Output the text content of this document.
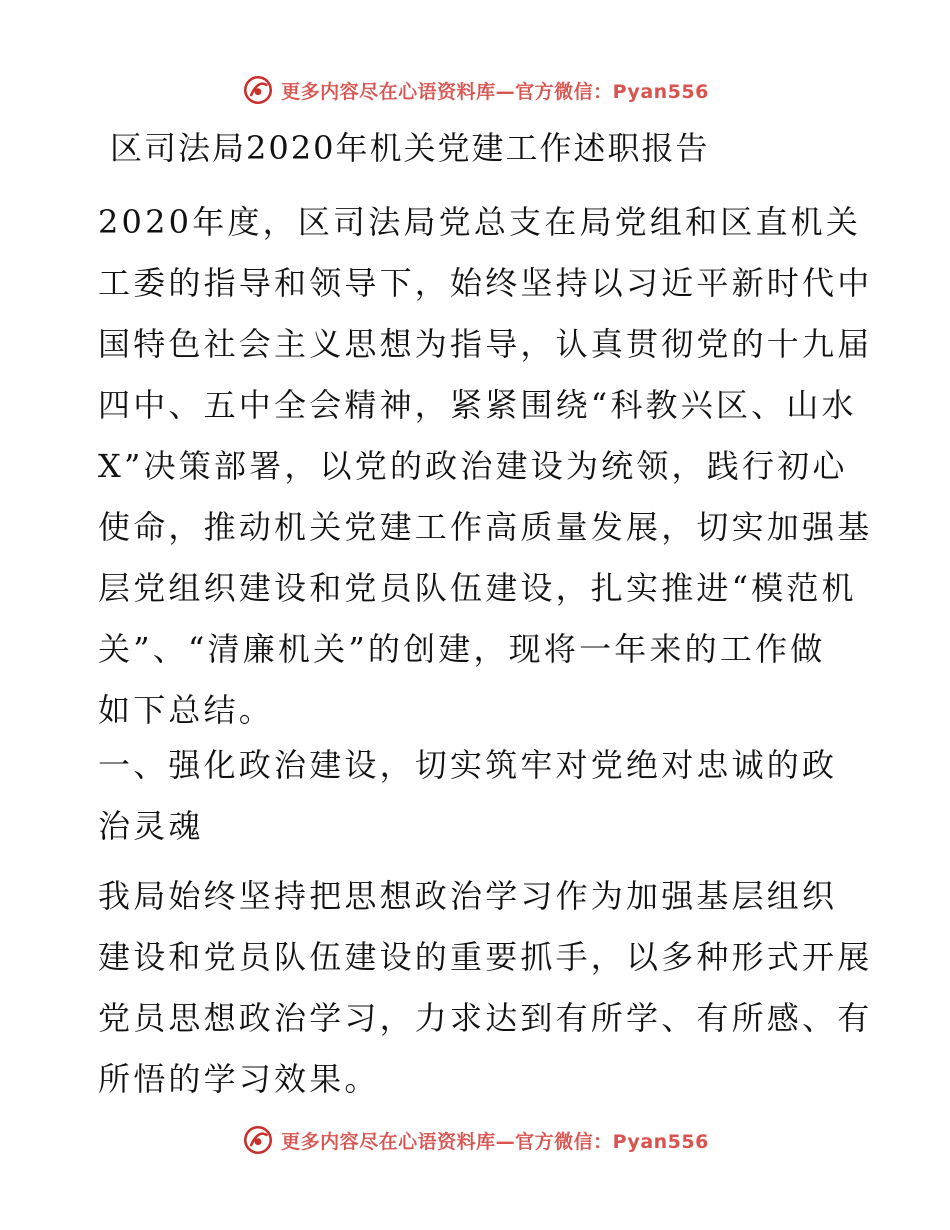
更多内容尽在心语资料库—官方微信：Pyan556
区司法局2020年机关党建工作述职报告
2020年度，区司法局党总支在局党组和区直机关
工委的指导和领导下，始终坚持以习近平新时代中
国特色社会主义思想为指导，认真贯彻党的十九届
四中、五中全会精神，紧紧围绕“科教兴区、山水
X”决策部署，以党的政治建设为统领，践行初心
使命，推动机关党建工作高质量发展，切实加强基
层党组织建设和党员队伍建设，扎实推进“模范机
关”、“清廉机关”的创建，现将一年来的工作做
如下总结。
一、强化政治建设，切实筑牢对党绝对忠诚的政
治灵魂
我局始终坚持把思想政治学习作为加强基层组织
建设和党员队伍建设的重要抓手，以多种形式开展
党员思想政治学习，力求达到有所学、有所感、有
所悟的学习效果。
更多内容尽在心语资料库—官方微信：Pyan556
